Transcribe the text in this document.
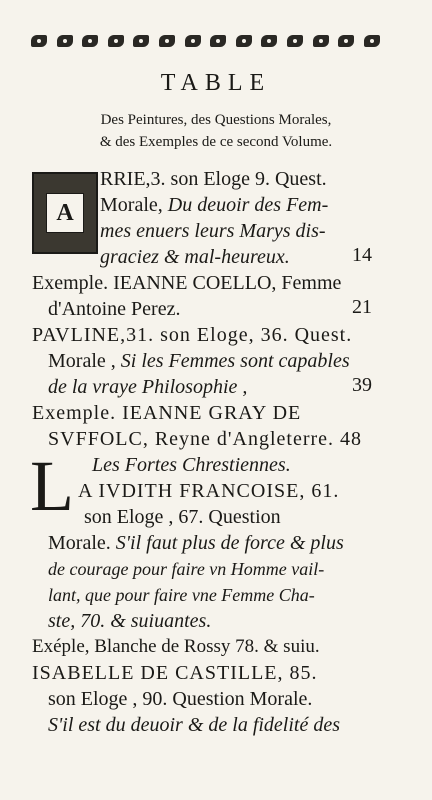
TABLE
Des Peintures, des Questions Morales,
& des Exemples de ce second Volume.
A
RRIE,3. son Eloge 9. Quest.
Morale, Du deuoir des Fem-
mes enuers leurs Marys dis-
graciez & mal-heureux.	14
Exemple. IEANNE COELLO, Femme
d'Antoine Perez.	21
PAVLINE,31. son Eloge, 36. Quest.
Morale , Si les Femmes sont capables
de la vraye Philosophie ,	39
Exemple. IEANNE GRAY DE
SVFFOLC, Reyne d'Angleterre. 48
Les Fortes Chrestiennes.
L A IVDITH FRANCOISE, 61.
son Eloge , 67. Question
Morale. S'il faut plus de force & plus
de courage pour faire vn Homme vail-
lant, que pour faire vne Femme Cha-
ste, 70. & suiuantes.
Exéple, Blanche de Rossy 78. & suiu.
ISABELLE DE CASTILLE, 85.
son Eloge , 90. Question Morale.
S'il est du deuoir & de la fidelité des
